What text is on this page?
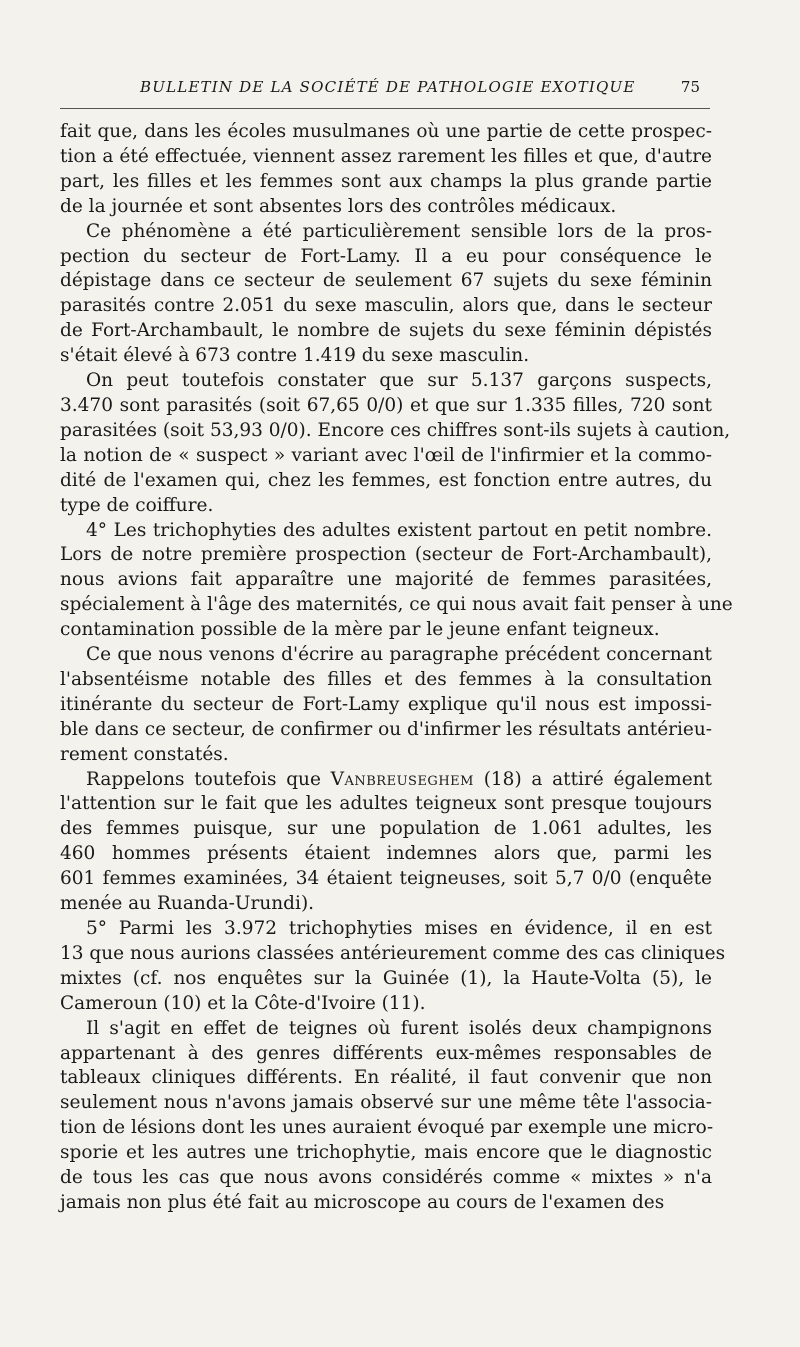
BULLETIN DE LA SOCIÉTÉ DE PATHOLOGIE EXOTIQUE	75
fait que, dans les écoles musulmanes où une partie de cette prospec-
tion a été effectuée, viennent assez rarement les filles et que, d'autre
part, les filles et les femmes sont aux champs la plus grande partie
de la journée et sont absentes lors des contrôles médicaux.
Ce phénomène a été particulièrement sensible lors de la pros-
pection du secteur de Fort-Lamy. Il a eu pour conséquence le
dépistage dans ce secteur de seulement 67 sujets du sexe féminin
parasités contre 2.051 du sexe masculin, alors que, dans le secteur
de Fort-Archambault, le nombre de sujets du sexe féminin dépistés
s'était élevé à 673 contre 1.419 du sexe masculin.
On peut toutefois constater que sur 5.137 garçons suspects,
3.470 sont parasités (soit 67,65 0/0) et que sur 1.335 filles, 720 sont
parasitées (soit 53,93 0/0). Encore ces chiffres sont-ils sujets à caution,
la notion de « suspect » variant avec l'œil de l'infirmier et la commo-
dité de l'examen qui, chez les femmes, est fonction entre autres, du
type de coiffure.
4° Les trichophyties des adultes existent partout en petit nombre.
Lors de notre première prospection (secteur de Fort-Archambault),
nous avions fait apparaître une majorité de femmes parasitées,
spécialement à l'âge des maternités, ce qui nous avait fait penser à une
contamination possible de la mère par le jeune enfant teigneux.
Ce que nous venons d'écrire au paragraphe précédent concernant
l'absentéisme notable des filles et des femmes à la consultation
itinérante du secteur de Fort-Lamy explique qu'il nous est impossi-
ble dans ce secteur, de confirmer ou d'infirmer les résultats antérieu-
rement constatés.
Rappelons toutefois que Vanbreuseghem (18) a attiré également
l'attention sur le fait que les adultes teigneux sont presque toujours
des femmes puisque, sur une population de 1.061 adultes, les
460 hommes présents étaient indemnes alors que, parmi les
601 femmes examinées, 34 étaient teigneuses, soit 5,7 0/0 (enquête
menée au Ruanda-Urundi).
5° Parmi les 3.972 trichophyties mises en évidence, il en est
13 que nous aurions classées antérieurement comme des cas cliniques
mixtes (cf. nos enquêtes sur la Guinée (1), la Haute-Volta (5), le
Cameroun (10) et la Côte-d'Ivoire (11).
Il s'agit en effet de teignes où furent isolés deux champignons
appartenant à des genres différents eux-mêmes responsables de
tableaux cliniques différents. En réalité, il faut convenir que non
seulement nous n'avons jamais observé sur une même tête l'associa-
tion de lésions dont les unes auraient évoqué par exemple une micro-
sporie et les autres une trichophytie, mais encore que le diagnostic
de tous les cas que nous avons considérés comme « mixtes » n'a
jamais non plus été fait au microscope au cours de l'examen des
